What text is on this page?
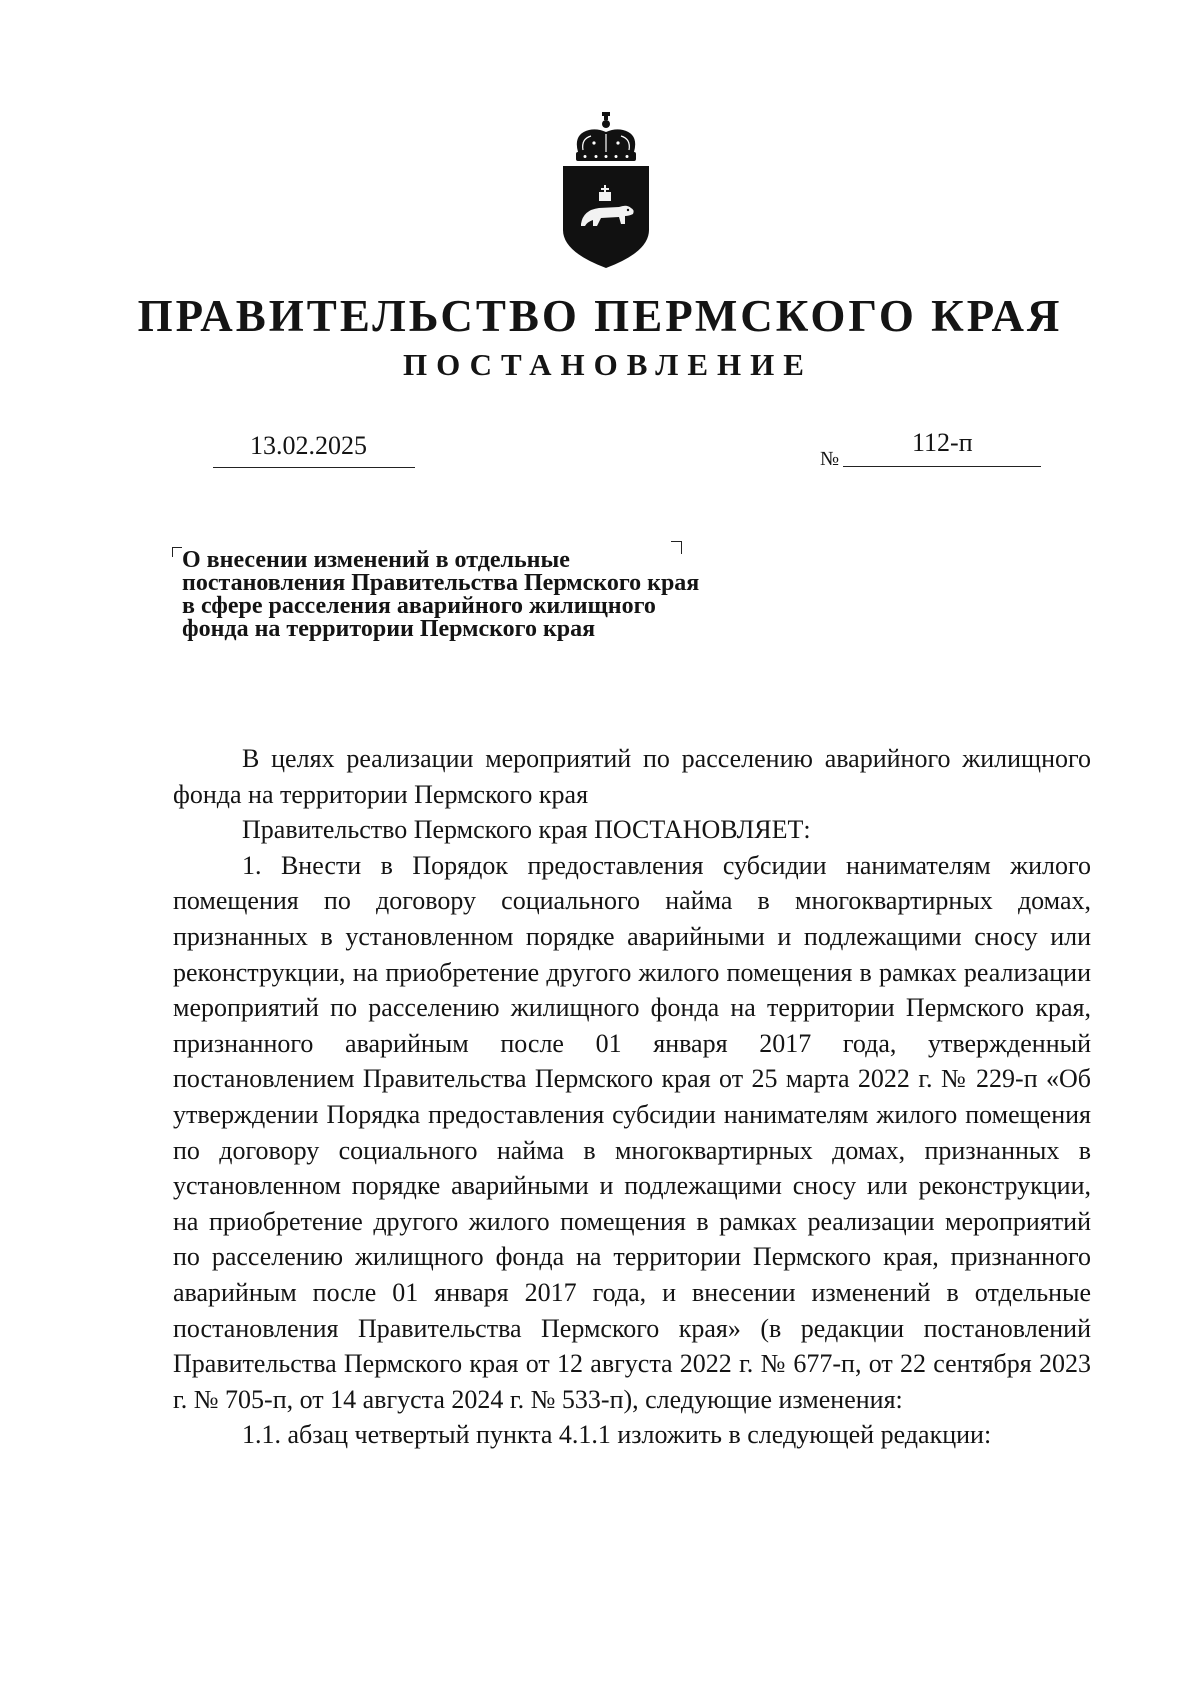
ПРАВИТЕЛЬСТВО ПЕРМСКОГО КРАЯ
ПОСТАНОВЛЕНИЕ
13.02.2025	№
112-п
О внесении изменений в отдельные
постановления Правительства Пермского края
в сфере расселения аварийного жилищного
фонда на территории Пермского края

В целях реализации мероприятий по расселению аварийного жилищного фонда на территории Пермского края

Правительство Пермского края ПОСТАНОВЛЯЕТ:

1. Внести в Порядок предоставления субсидии нанимателям жилого помещения по договору социального найма в многоквартирных домах, признанных в установленном порядке аварийными и подлежащими сносу или реконструкции, на приобретение другого жилого помещения в рамках реализации мероприятий по расселению жилищного фонда на территории Пермского края, признанного аварийным после 01 января 2017 года, утвержденный постановлением Правительства Пермского края от 25 марта 2022 г. № 229-п «Об утверждении Порядка предоставления субсидии нанимателям жилого помещения по договору социального найма в многоквартирных домах, признанных в установленном порядке аварийными и подлежащими сносу или реконструкции, на приобретение другого жилого помещения в рамках реализации мероприятий по расселению жилищного фонда на территории Пермского края, признанного аварийным после 01 января 2017 года, и внесении изменений в отдельные постановления Правительства Пермского края» (в редакции постановлений Правительства Пермского края от 12 августа 2022 г. № 677-п, от 22 сентября 2023 г. № 705-п, от 14 августа 2024 г. № 533-п), следующие изменения:

1.1. абзац четвертый пункта 4.1.1 изложить в следующей редакции:
